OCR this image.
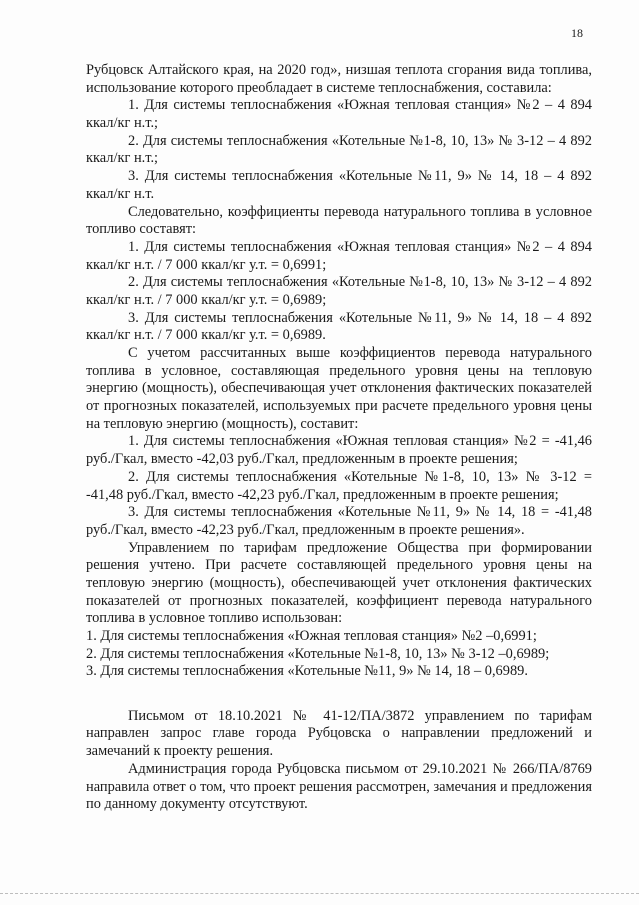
18
Рубцовск Алтайского края, на 2020 год», низшая теплота сгорания вида топлива,
использование которого преобладает в системе теплоснабжения, составила:
1. Для системы теплоснабжения «Южная тепловая станция» №2 – 4 894
ккал/кг н.т.;
2. Для системы теплоснабжения «Котельные №1-8, 10, 13» № 3-12 – 4 892
ккал/кг н.т.;
3. Для системы теплоснабжения «Котельные №11, 9» № 14, 18 – 4 892
ккал/кг н.т.
Следовательно, коэффициенты перевода натурального топлива в условное
топливо составят:
1. Для системы теплоснабжения «Южная тепловая станция» №2 – 4 894
ккал/кг н.т. / 7 000 ккал/кг у.т. = 0,6991;
2. Для системы теплоснабжения «Котельные №1-8, 10, 13» № 3-12 – 4 892
ккал/кг н.т. / 7 000 ккал/кг у.т. = 0,6989;
3. Для системы теплоснабжения «Котельные №11, 9» № 14, 18 – 4 892
ккал/кг н.т. / 7 000 ккал/кг у.т. = 0,6989.
С учетом рассчитанных выше коэффициентов перевода натурального
топлива в условное, составляющая предельного уровня цены на тепловую
энергию (мощность), обеспечивающая учет отклонения фактических показателей
от прогнозных показателей, используемых при расчете предельного уровня цены
на тепловую энергию (мощность), составит:
1. Для системы теплоснабжения «Южная тепловая станция» №2 = -41,46
руб./Гкал, вместо -42,03 руб./Гкал, предложенным в проекте решения;
2. Для системы теплоснабжения «Котельные №1-8, 10, 13» № 3-12 =
-41,48 руб./Гкал, вместо -42,23 руб./Гкал, предложенным в проекте решения;
3. Для системы теплоснабжения «Котельные №11, 9» № 14, 18 = -41,48
руб./Гкал, вместо -42,23 руб./Гкал, предложенным в проекте решения».
Управлением по тарифам предложение Общества при формировании
решения учтено. При расчете составляющей предельного уровня цены на
тепловую энергию (мощность), обеспечивающей учет отклонения фактических
показателей от прогнозных показателей, коэффициент перевода натурального
топлива в условное топливо использован:
1. Для системы теплоснабжения «Южная тепловая станция» №2 –0,6991;
2. Для системы теплоснабжения «Котельные №1-8, 10, 13» № 3-12 –0,6989;
3. Для системы теплоснабжения «Котельные №11, 9» № 14, 18 – 0,6989.
Письмом от 18.10.2021 № 41-12/ПА/3872 управлением по тарифам
направлен запрос главе города Рубцовска о направлении предложений и
замечаний к проекту решения.
Администрация города Рубцовска письмом от 29.10.2021 № 266/ПА/8769
направила ответ о том, что проект решения рассмотрен, замечания и предложения
по данному документу отсутствуют.
